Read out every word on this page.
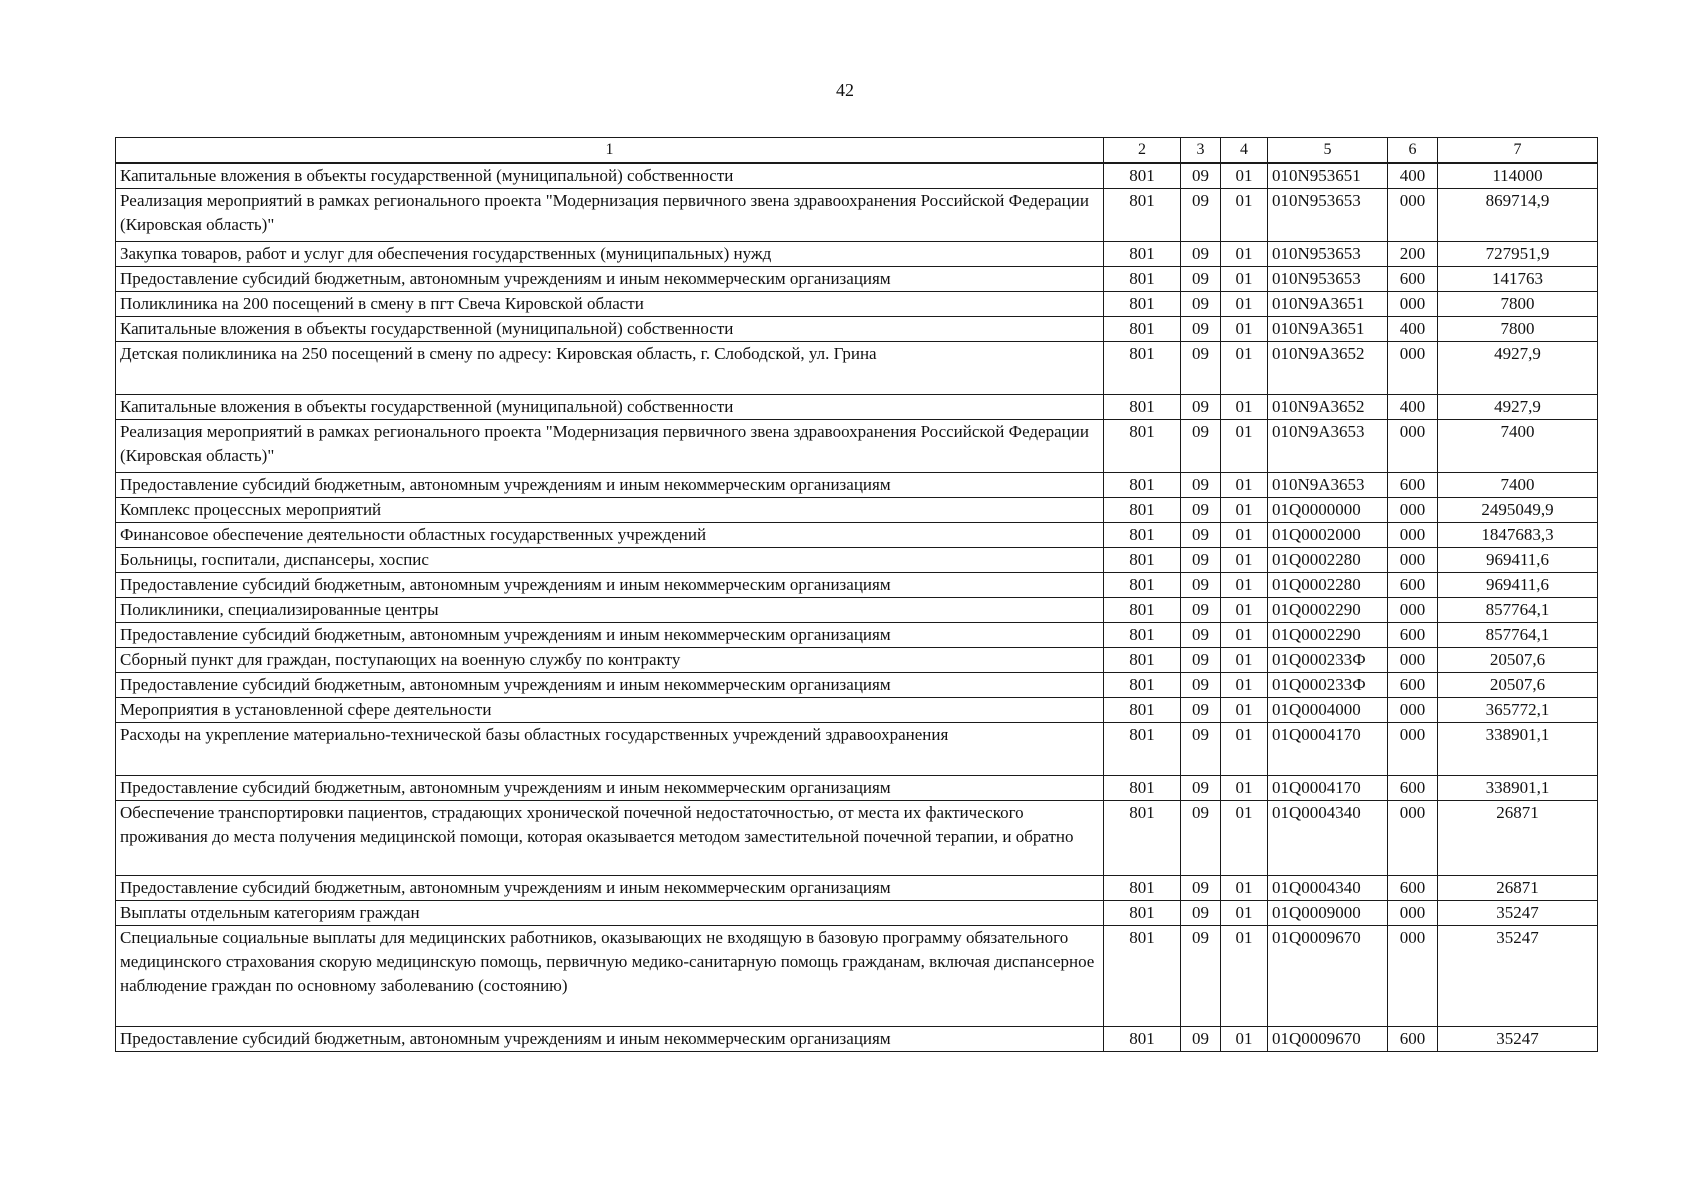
42
1	2	3	4	5	6	7
Капитальные вложения в объекты государственной (муниципальной) собственности	801	09	01	010N953651	400	114000
Реализация мероприятий в рамках регионального проекта "Модернизация первичного звена здравоохранения Российской Федерации (Кировская область)"	801	09	01	010N953653	000	869714,9
Закупка товаров, работ и услуг для обеспечения государственных (муниципальных) нужд	801	09	01	010N953653	200	727951,9
Предоставление субсидий бюджетным, автономным учреждениям и иным некоммерческим организациям	801	09	01	010N953653	600	141763
Поликлиника на 200 посещений в смену в пгт Свеча Кировской области	801	09	01	010N9A3651	000	7800
Капитальные вложения в объекты государственной (муниципальной) собственности	801	09	01	010N9A3651	400	7800
Детская поликлиника на 250 посещений в смену по адресу: Кировская область, г. Слободской, ул. Грина	801	09	01	010N9A3652	000	4927,9
Капитальные вложения в объекты государственной (муниципальной) собственности	801	09	01	010N9A3652	400	4927,9
Реализация мероприятий в рамках регионального проекта "Модернизация первичного звена здравоохранения Российской Федерации (Кировская область)"	801	09	01	010N9A3653	000	7400
Предоставление субсидий бюджетным, автономным учреждениям и иным некоммерческим организациям	801	09	01	010N9A3653	600	7400
Комплекс процессных мероприятий	801	09	01	01Q0000000	000	2495049,9
Финансовое обеспечение деятельности областных государственных учреждений	801	09	01	01Q0002000	000	1847683,3
Больницы, госпитали, диспансеры, хоспис	801	09	01	01Q0002280	000	969411,6
Предоставление субсидий бюджетным, автономным учреждениям и иным некоммерческим организациям	801	09	01	01Q0002280	600	969411,6
Поликлиники, специализированные центры	801	09	01	01Q0002290	000	857764,1
Предоставление субсидий бюджетным, автономным учреждениям и иным некоммерческим организациям	801	09	01	01Q0002290	600	857764,1
Сборный пункт для граждан, поступающих на военную службу по контракту	801	09	01	01Q000233Ф	000	20507,6
Предоставление субсидий бюджетным, автономным учреждениям и иным некоммерческим организациям	801	09	01	01Q000233Ф	600	20507,6
Мероприятия в установленной сфере деятельности	801	09	01	01Q0004000	000	365772,1
Расходы на укрепление материально-технической базы областных государственных учреждений здравоохранения	801	09	01	01Q0004170	000	338901,1
Предоставление субсидий бюджетным, автономным учреждениям и иным некоммерческим организациям	801	09	01	01Q0004170	600	338901,1
Обеспечение транспортировки пациентов, страдающих хронической почечной недостаточностью, от места их фактического проживания до места получения медицинской помощи, которая оказывается методом заместительной почечной терапии, и обратно	801	09	01	01Q0004340	000	26871
Предоставление субсидий бюджетным, автономным учреждениям и иным некоммерческим организациям	801	09	01	01Q0004340	600	26871
Выплаты отдельным категориям граждан	801	09	01	01Q0009000	000	35247
Специальные социальные выплаты для медицинских работников, оказывающих не входящую в базовую программу обязательного медицинского страхования скорую медицинскую помощь, первичную медико-санитарную помощь гражданам, включая диспансерное наблюдение граждан по основному заболеванию (состоянию)	801	09	01	01Q0009670	000	35247
Предоставление субсидий бюджетным, автономным учреждениям и иным некоммерческим организациям	801	09	01	01Q0009670	600	35247
